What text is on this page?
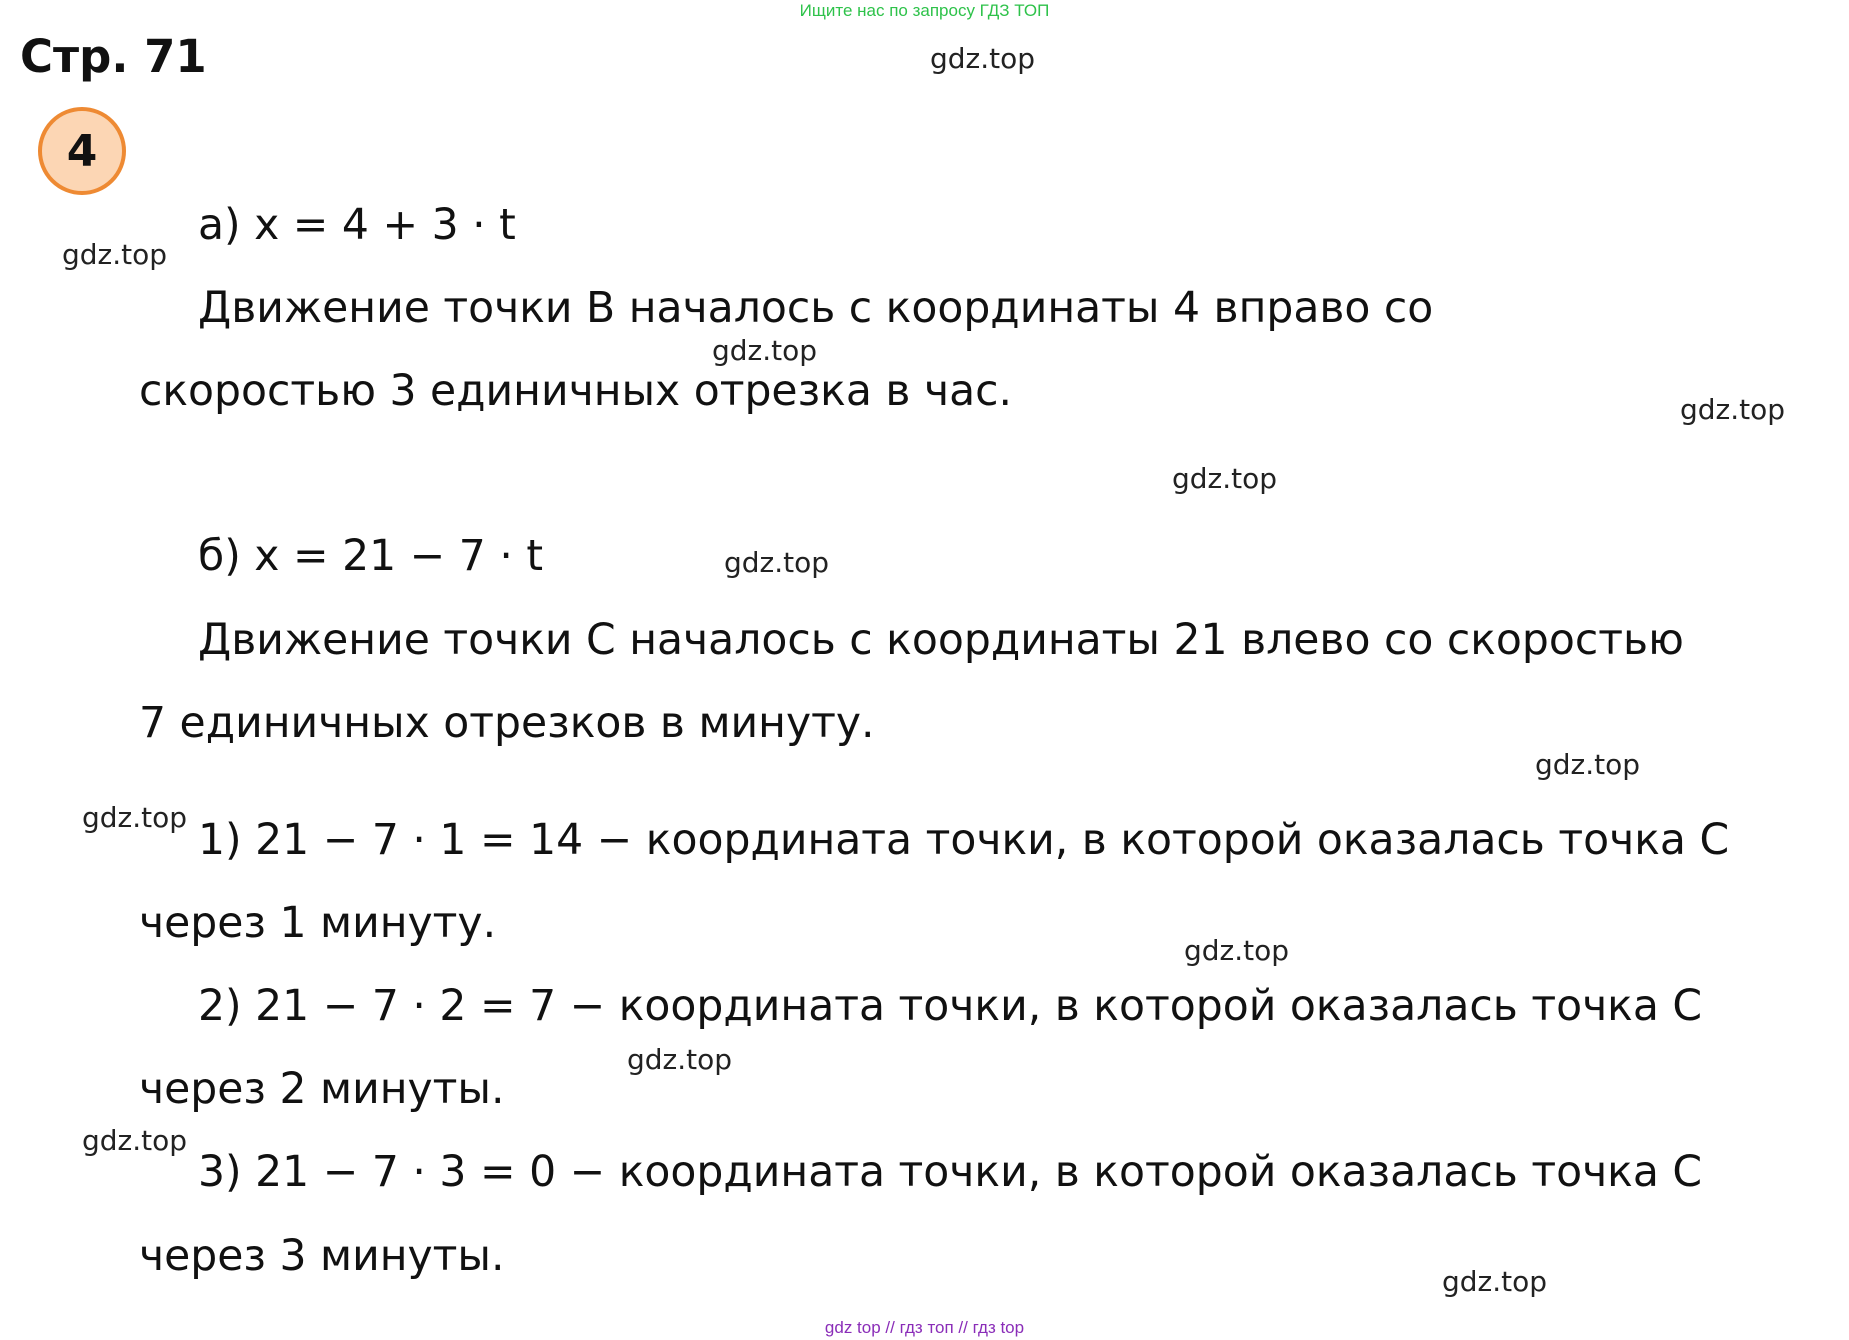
Ищите нас по запросу ГДЗ ТОП
Стр. 71
4
а) x = 4 + 3 · t
Движение точки B началось с координаты 4 вправо со
скоростью 3 единичных отрезка в час.
б) x = 21 − 7 · t
Движение точки C началось с координаты 21 влево со скоростью
7 единичных отрезков в минуту.
1) 21 − 7 · 1 = 14 − координата точки, в которой оказалась точка C
через 1 минуту.
2) 21 − 7 · 2 = 7 − координата точки, в которой оказалась точка C
через 2 минуты.
3) 21 − 7 · 3 = 0 − координата точки, в которой оказалась точка C
через 3 минуты.
gdz.top
gdz.top
gdz.top
gdz.top
gdz.top
gdz.top
gdz.top
gdz.top
gdz.top
gdz.top
gdz.top
gdz.top
gdz top // гдз топ // гдз top
